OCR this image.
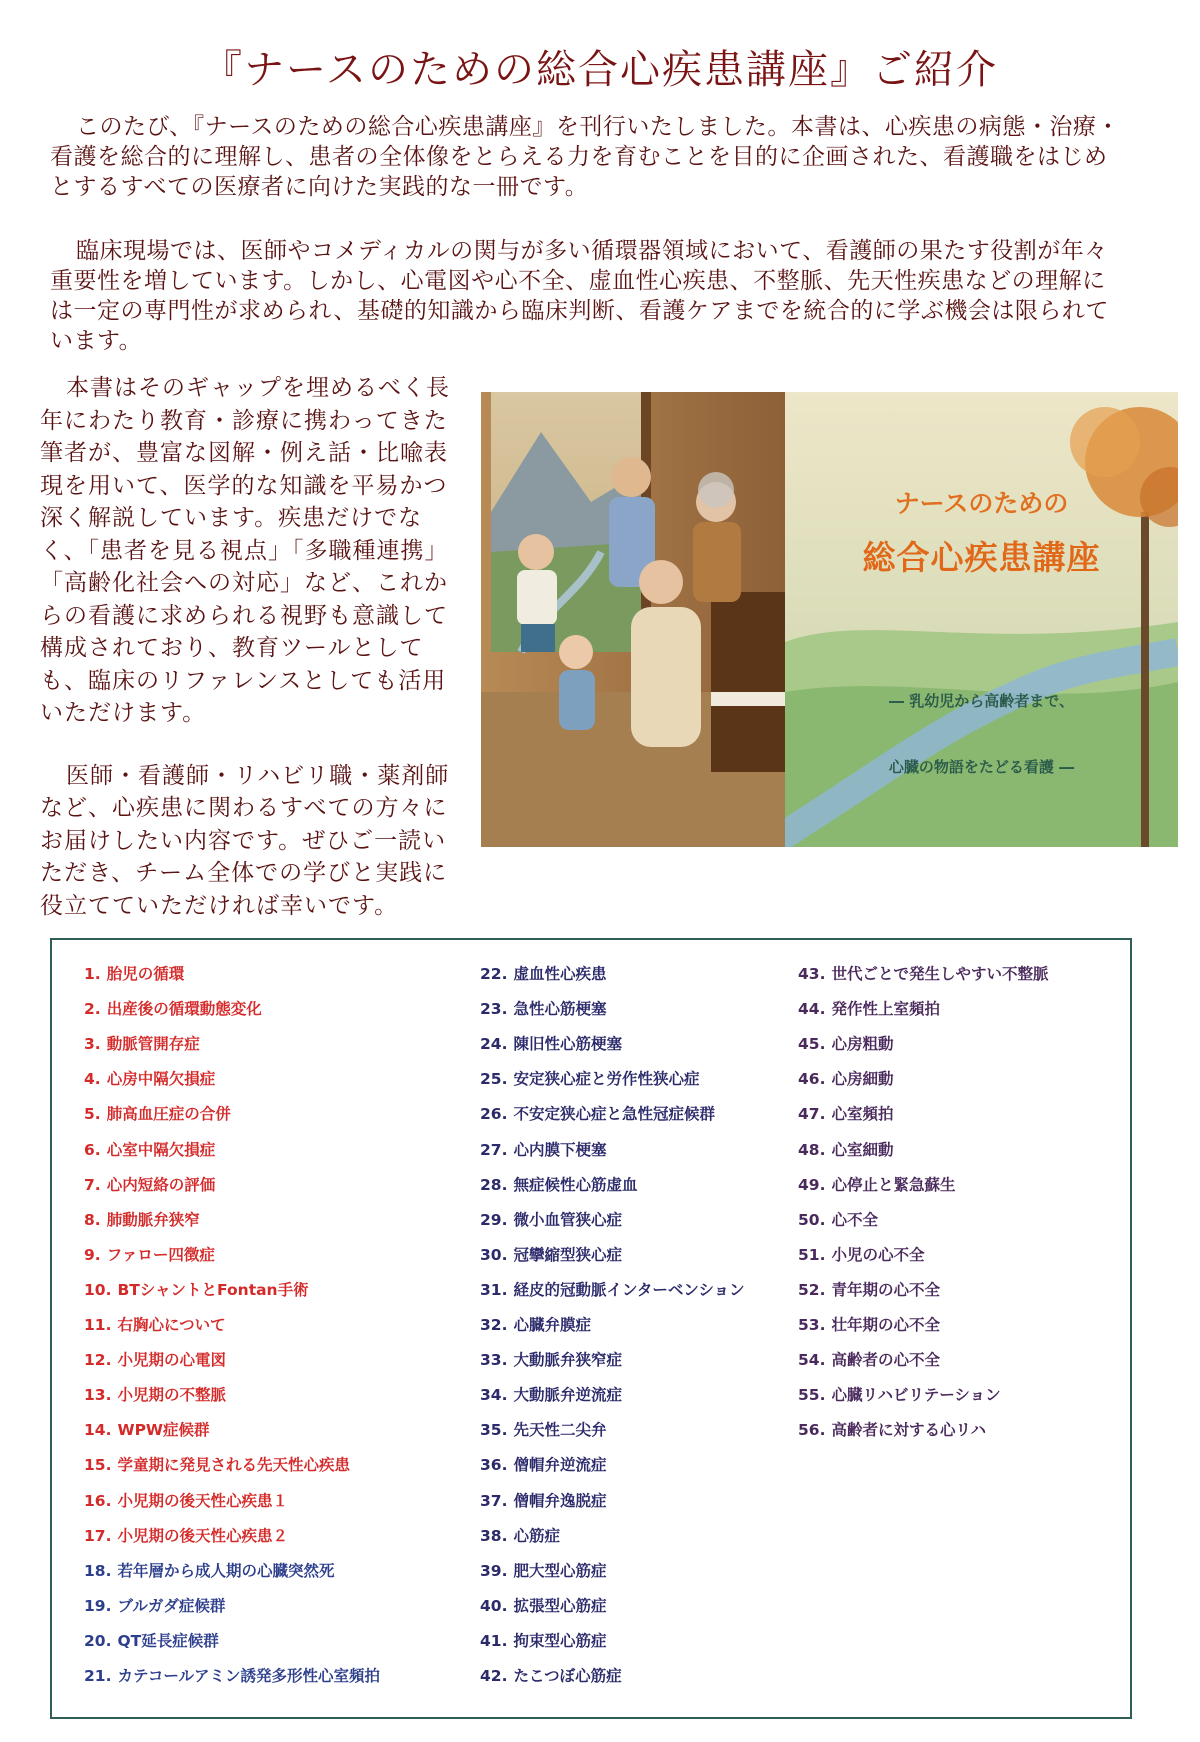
『ナースのための総合心疾患講座』ご紹介
このたび、『ナースのための総合心疾患講座』を刊行いたしました。本書は、心疾患の病態・治療・看護を総合的に理解し、患者の全体像をとらえる力を育むことを目的に企画された、看護職をはじめとするすべての医療者に向けた実践的な一冊です。
臨床現場では、医師やコメディカルの関与が多い循環器領域において、看護師の果たす役割が年々重要性を増しています。しかし、心電図や心不全、虚血性心疾患、不整脈、先天性疾患などの理解には一定の専門性が求められ、基礎的知識から臨床判断、看護ケアまでを統合的に学ぶ機会は限られています。

本書はそのギャップを埋めるべく長年にわたり教育・診療に携わってきた筆者が、豊富な図解・例え話・比喩表現を用いて、医学的な知識を平易かつ深く解説しています。疾患だけでなく、「患者を見る視点」「多職種連携」「高齢化社会への対応」など、これからの看護に求められる視野も意識して構成されており、教育ツールとしても、臨床のリファレンスとしても活用いただけます。

医師・看護師・リハビリ職・薬剤師など、心疾患に関わるすべての方々にお届けしたい内容です。ぜひご一読いただき、チーム全体での学びと実践に役立てていただければ幸いです。

ナースのための
総合心疾患講座
― 乳幼児から高齢者まで、
心臓の物語をたどる看護 ―
1. 胎児の循環
2. 出産後の循環動態変化
3. 動脈管開存症
4. 心房中隔欠損症
5. 肺高血圧症の合併
6. 心室中隔欠損症
7. 心内短絡の評価
8. 肺動脈弁狭窄
9. ファロー四徴症
10. BTシャントとFontan手術
11. 右胸心について
12. 小児期の心電図
13. 小児期の不整脈
14. WPW症候群
15. 学童期に発見される先天性心疾患
16. 小児期の後天性心疾患１
17. 小児期の後天性心疾患２
18. 若年層から成人期の心臓突然死
19. ブルガダ症候群
20. QT延長症候群
21. カテコールアミン誘発多形性心室頻拍
22. 虚血性心疾患
23. 急性心筋梗塞
24. 陳旧性心筋梗塞
25. 安定狭心症と労作性狭心症
26. 不安定狭心症と急性冠症候群
27. 心内膜下梗塞
28. 無症候性心筋虚血
29. 微小血管狭心症
30. 冠攣縮型狭心症
31. 経皮的冠動脈インターベンション
32. 心臓弁膜症
33. 大動脈弁狭窄症
34. 大動脈弁逆流症
35. 先天性二尖弁
36. 僧帽弁逆流症
37. 僧帽弁逸脱症
38. 心筋症
39. 肥大型心筋症
40. 拡張型心筋症
41. 拘束型心筋症
42. たこつぼ心筋症
43. 世代ごとで発生しやすい不整脈
44. 発作性上室頻拍
45. 心房粗動
46. 心房細動
47. 心室頻拍
48. 心室細動
49. 心停止と緊急蘇生
50. 心不全
51. 小児の心不全
52. 青年期の心不全
53. 壮年期の心不全
54. 高齢者の心不全
55. 心臓リハビリテーション
56. 高齢者に対する心リハ
